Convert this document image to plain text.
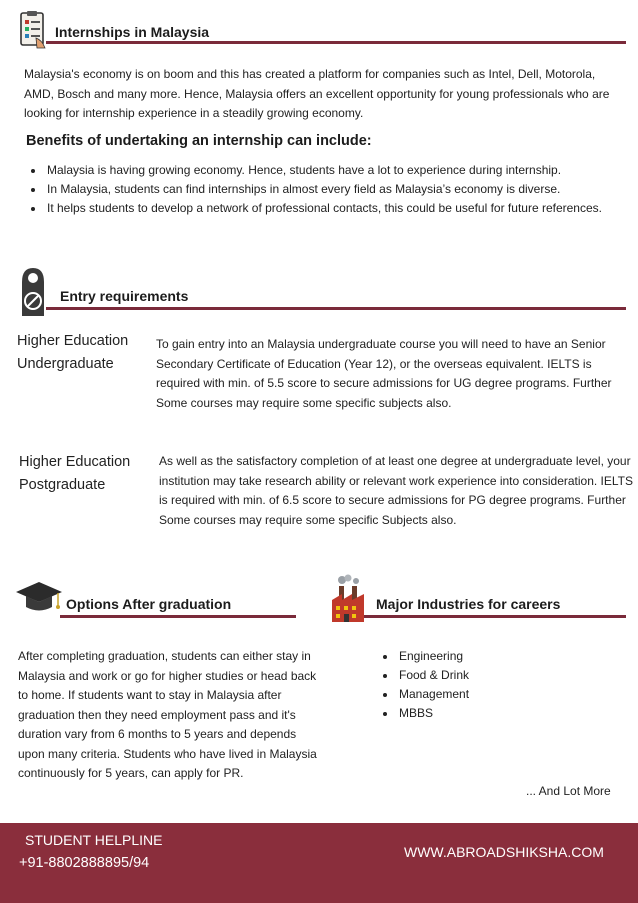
Internships in Malaysia
Malaysia's economy is on boom and this has created a platform for companies such as Intel, Dell, Motorola, AMD, Bosch and many more. Hence, Malaysia offers an excellent opportunity for young professionals who are looking for internship experience in a steadily growing economy.
Benefits of undertaking an internship can include:
• Malaysia is having growing economy. Hence, students have a lot to experience during internship.
• In Malaysia, students can find internships in almost every field as Malaysia’s economy is diverse.
• It helps students to develop a network of professional contacts, this could be useful for future references.
Entry requirements
Higher Education Undergraduate
To gain entry into an Malaysia undergraduate course you will need to have an Senior Secondary Certificate of Education (Year 12), or the overseas equivalent. IELTS is required with min. of 5.5 score to secure admissions for UG degree programs. Further Some courses may require some specific subjects also.
Higher Education Postgraduate
As well as the satisfactory completion of at least one degree at undergraduate level, your institution may take research ability or relevant work experience into consideration. IELTS is required with min. of 6.5 score to secure admissions for PG degree programs. Further Some courses may require some specific Subjects also.
Options After graduation
After completing graduation, students can either stay in Malaysia and work or go for higher studies or head back to home. If students want to stay in Malaysia after graduation then they need employment pass and it's duration vary from 6 months to 5 years and depends upon many criteria. Students who have lived in Malaysia continuously for 5 years, can apply for PR.
Major Industries for careers
• Engineering
• Food & Drink
• Management
• MBBS
... And Lot More
STUDENT HELPLINE
+91-8802888895/94
WWW.ABROADSHIKSHA.COM
